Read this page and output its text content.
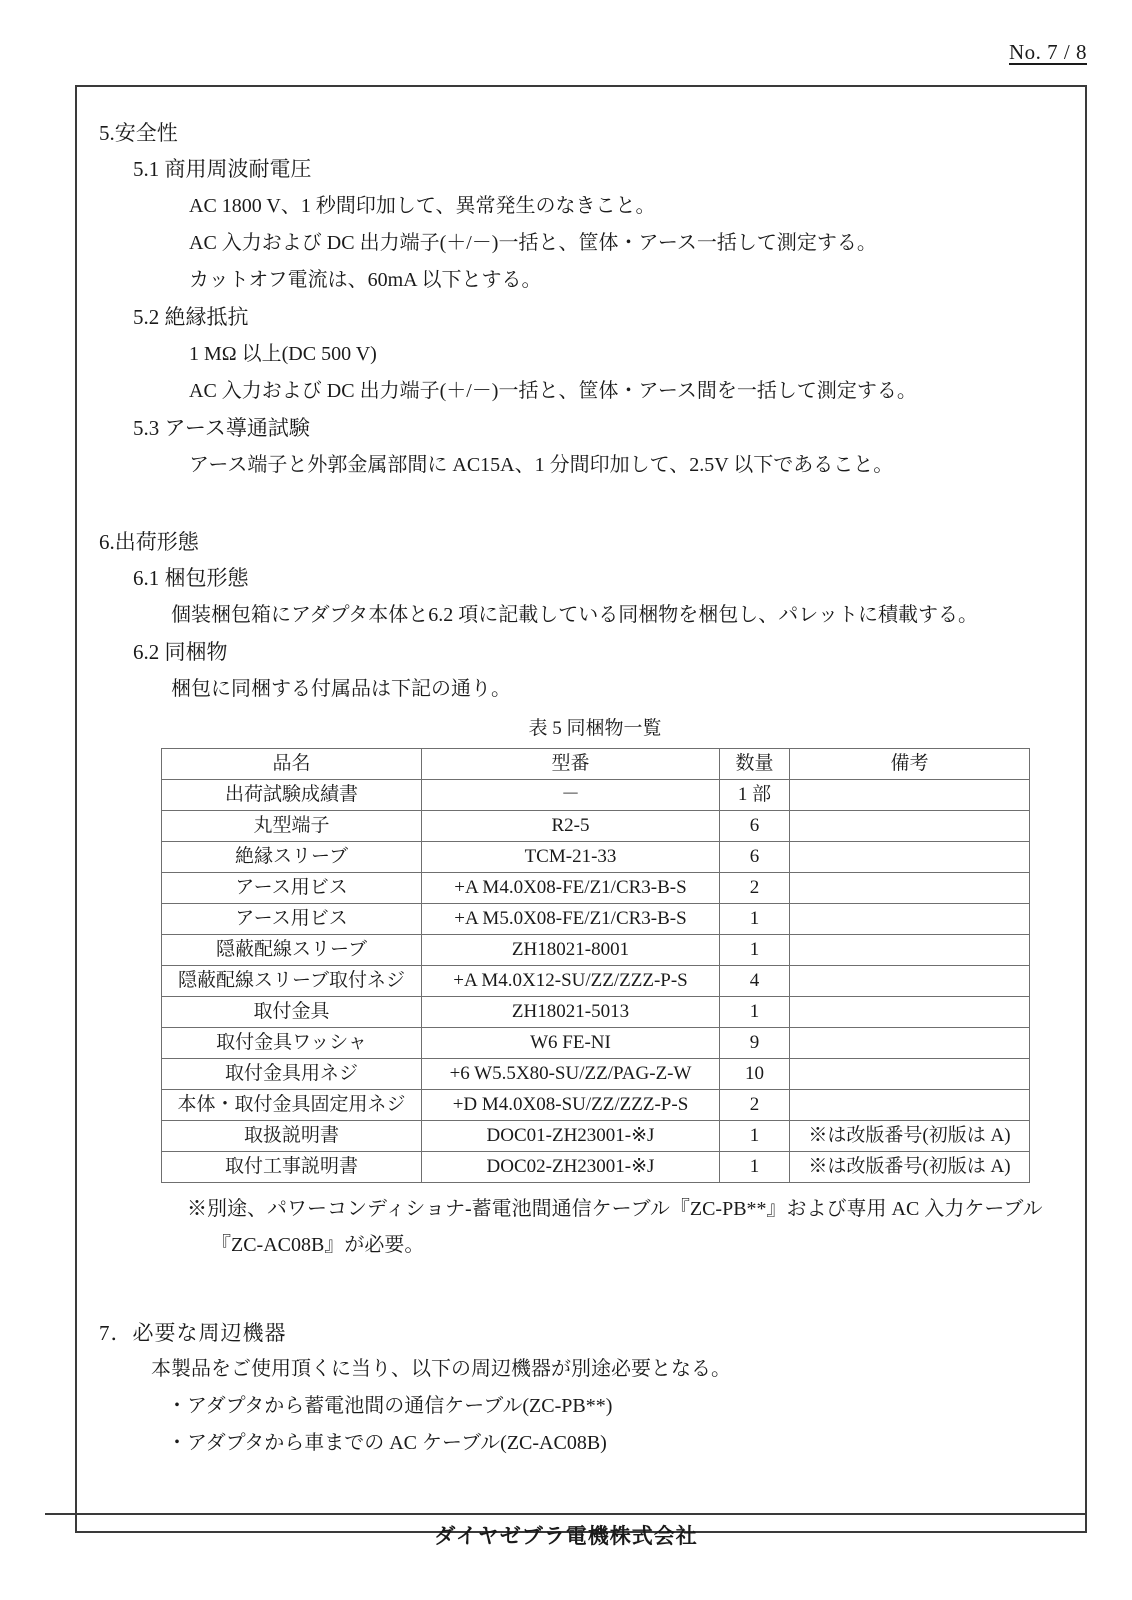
No. 7 / 8
5.安全性
5.1 商用周波耐電圧
AC 1800 V、1 秒間印加して、異常発生のなきこと。
AC 入力および DC 出力端子(＋/－)一括と、筐体・アース一括して測定する。
カットオフ電流は、60mA 以下とする。
5.2 絶縁抵抗
1 MΩ 以上(DC 500 V)
AC 入力および DC 出力端子(＋/－)一括と、筐体・アース間を一括して測定する。
5.3 アース導通試験
アース端子と外郭金属部間に AC15A、1 分間印加して、2.5V 以下であること。
6.出荷形態
6.1 梱包形態
個装梱包箱にアダプタ本体と6.2 項に記載している同梱物を梱包し、パレットに積載する。
6.2 同梱物
梱包に同梱する付属品は下記の通り。
表 5 同梱物一覧
品名	型番	数量	備考
出荷試験成績書	－	1 部	
丸型端子	R2-5	6	
絶縁スリーブ	TCM-21-33	6	
アース用ビス	+A M4.0X08-FE/Z1/CR3-B-S	2	
アース用ビス	+A M5.0X08-FE/Z1/CR3-B-S	1	
隠蔽配線スリーブ	ZH18021-8001	1	
隠蔽配線スリーブ取付ネジ	+A M4.0X12-SU/ZZ/ZZZ-P-S	4	
取付金具	ZH18021-5013	1	
取付金具ワッシャ	W6 FE-NI	9	
取付金具用ネジ	+6 W5.5X80-SU/ZZ/PAG-Z-W	10	
本体・取付金具固定用ネジ	+D M4.0X08-SU/ZZ/ZZZ-P-S	2	
取扱説明書	DOC01-ZH23001-※J	1	※は改版番号(初版は A)
取付工事説明書	DOC02-ZH23001-※J	1	※は改版番号(初版は A)
※別途、パワーコンディショナ-蓄電池間通信ケーブル『ZC-PB**』および専用 AC 入力ケーブル
『ZC-AC08B』が必要。
7．必要な周辺機器
本製品をご使用頂くに当り、以下の周辺機器が別途必要となる。
・アダプタから蓄電池間の通信ケーブル(ZC-PB**)
・アダプタから車までの AC ケーブル(ZC-AC08B)
ダイヤゼブラ電機株式会社
